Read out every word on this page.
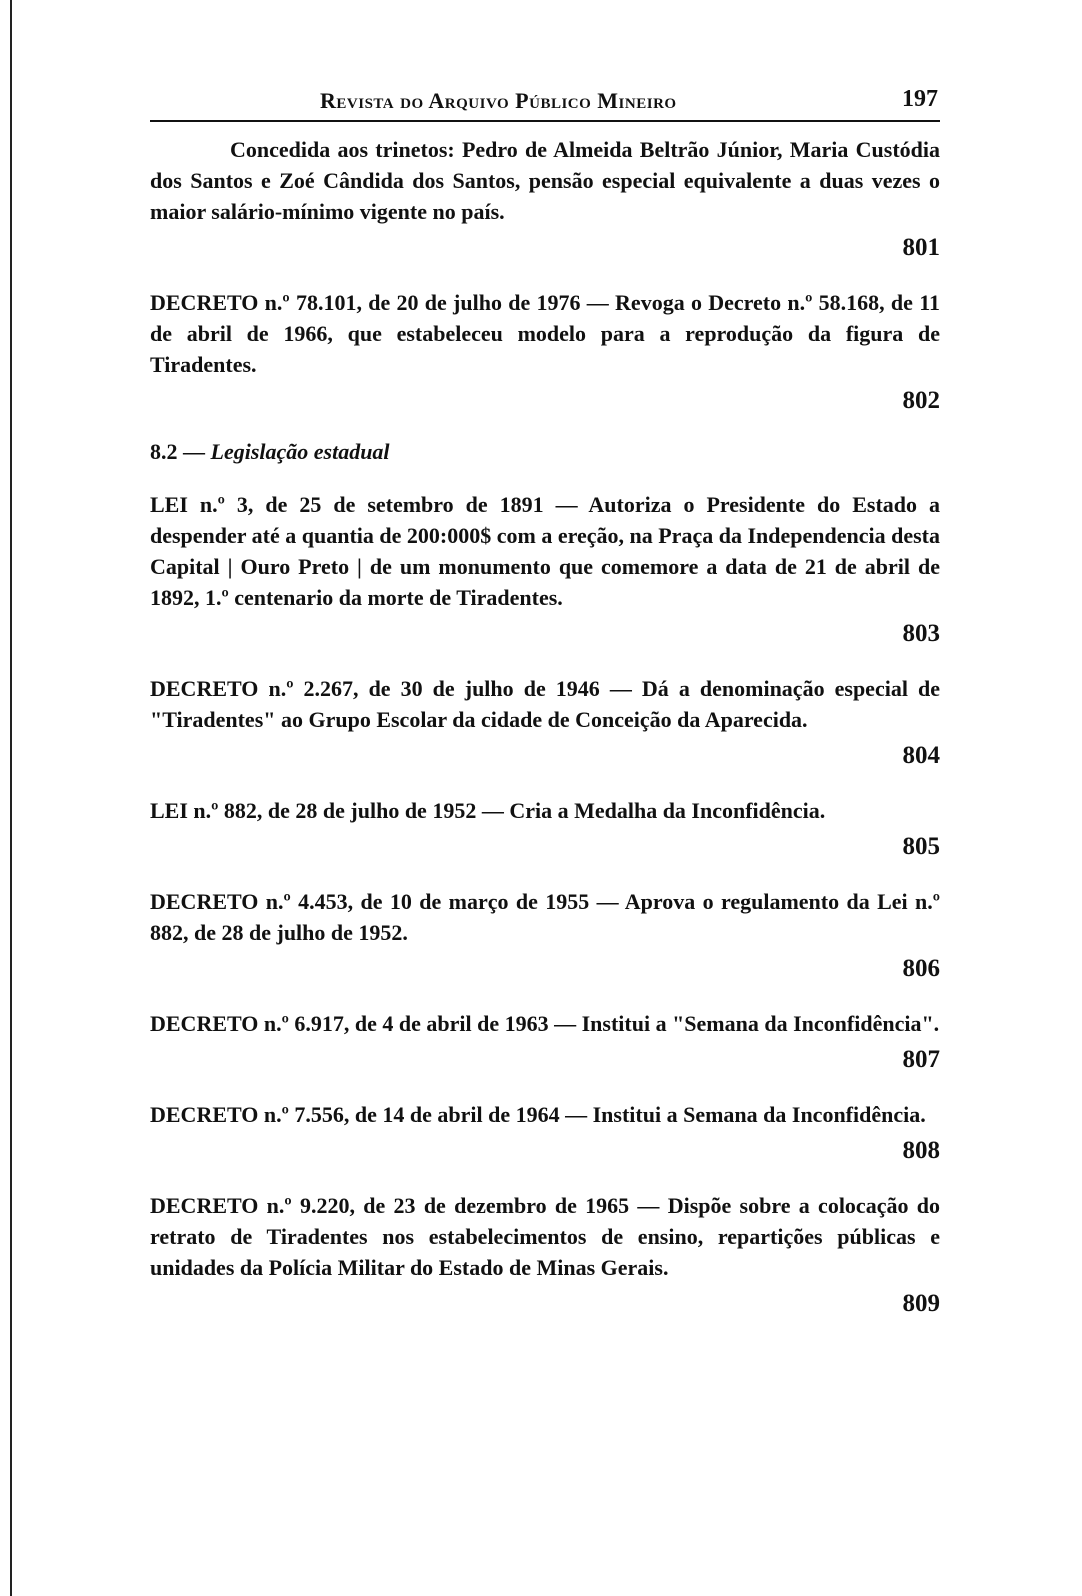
Revista do Arquivo Público Mineiro	197

Concedida aos trinetos: Pedro de Almeida Beltrão Júnior, Maria Custódia dos Santos e Zoé Cândida dos Santos, pensão especial equivalente a duas vezes o maior salário-mínimo vigente no país.

801

DECRETO n.º 78.101, de 20 de julho de 1976 — Revoga o Decreto n.º 58.168, de 11 de abril de 1966, que estabeleceu modelo para a reprodução da figura de Tiradentes.

802

8.2 — Legislação estadual

LEI n.º 3, de 25 de setembro de 1891 — Autoriza o Presidente do Estado a despender até a quantia de 200:000$ com a ereção, na Praça da Independencia desta Capital | Ouro Preto | de um monumento que comemore a data de 21 de abril de 1892, 1.º centenario da morte de Tiradentes.

803

DECRETO n.º 2.267, de 30 de julho de 1946 — Dá a denominação especial de "Tiradentes" ao Grupo Escolar da cidade de Conceição da Aparecida.

804

LEI n.º 882, de 28 de julho de 1952 — Cria a Medalha da Inconfidência.

805

DECRETO n.º 4.453, de 10 de março de 1955 — Aprova o regulamento da Lei n.º 882, de 28 de julho de 1952.

806

DECRETO n.º 6.917, de 4 de abril de 1963 — Institui a "Semana da Inconfidência".

807

DECRETO n.º 7.556, de 14 de abril de 1964 — Institui a Semana da Inconfidência.

808

DECRETO n.º 9.220, de 23 de dezembro de 1965 — Dispõe sobre a colocação do retrato de Tiradentes nos estabelecimentos de ensino, repartições públicas e unidades da Polícia Militar do Estado de Minas Gerais.

809
